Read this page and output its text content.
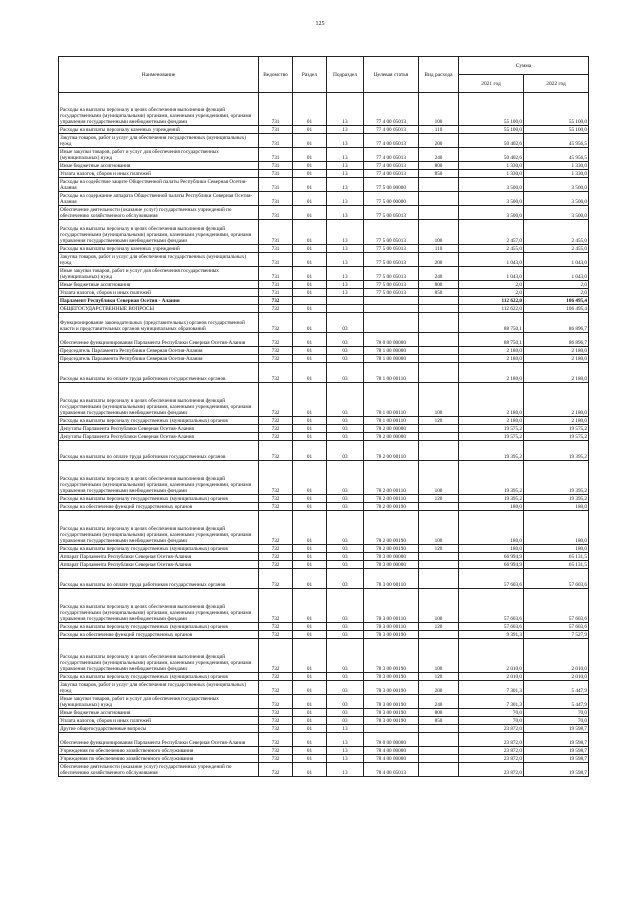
125
Наименование	Ведомство	Раздел	Подраздел	Целевая статья	Вид расхода	Сумма	
						2021 год	2022 год
Расходы на выплаты персоналу в целях обеспечения выполнения функций государственными (муниципальными) органами, казенными учреждениями, органами управления государственными внебюджетными фондами	731	01	13	77 4 00 05013	100	55 100,0	55 100,0
Расходы на выплаты персоналу казенных учреждений	731	01	13	77 4 00 05013	110	55 100,0	55 100,0
Закупка товаров, работ и услуг для обеспечения государственных (муниципальных) нужд	731	01	13	77 4 00 05013	200	50 402,6	45 956,5
Иные закупки товаров, работ и услуг для обеспечения государственных (муниципальных) нужд	731	01	13	77 4 00 05013	240	50 402,6	45 956,5
Иные бюджетные ассигнования	731	01	13	77 4 00 05013	800	1 330,0	1 330,0
Уплата налогов, сборов и иных платежей	731	01	13	77 4 00 05013	850	1 330,0	1 330,0
Расходы на содействие защите Общественной палаты Республики Северная Осетия-Алания	731	01	13	77 5 00 00000		3 500,0	3 500,0
Расходы на содержание аппарата Общественной палаты Республики Северная Осетия-Алания	731	01	13	77 5 00 00000		3 500,0	3 500,0
Обеспечение деятельности (оказание услуг) государственных учреждений по обеспечению хозяйственного обслуживания	731	01	13	77 5 00 05013		3 500,0	3 500,0
Расходы на выплаты персоналу в целях обеспечения выполнения функций государственными (муниципальными) органами, казенными учреждениями, органами управления государственными внебюджетными фондами	731	01	13	77 5 00 05013	100	2 457,0	2 455,0
Расходы на выплаты персоналу казенных учреждений	731	01	13	77 5 00 05013	110	2 455,0	2 455,0
Закупка товаров, работ и услуг для обеспечения государственных (муниципальных) нужд	731	01	13	77 5 00 05013	200	1 043,0	1 043,0
Иные закупки товаров, работ и услуг для обеспечения государственных (муниципальных) нужд	731	01	13	77 5 00 05013	240	1 043,0	1 043,0
Иные бюджетные ассигнования	731	01	13	77 5 00 05013	800	2,0	2,0
Уплата налогов, сборов и иных платежей	731	01	13	77 5 00 05013	850	2,0	2,0
Парламент Республики Северная Осетия - Алания	732					112 622,0	106 495,4
ОБЩЕГОСУДАРСТВЕННЫЕ ВОПРОСЫ	732	01				112 622,0	106 495,4
Функционирование законодательных (представительных) органов государственной власти и представительных органов муниципальных образований	732	01	03			88 750,1	86 896,7
Обеспечение функционирования Парламента Республики Северная Осетия-Алания	732	01	03	78 0 00 00000		88 750,1	86 896,7
Председатель Парламента Республики Северная Осетия-Алания	732	01	03	78 1 00 00000		2 180,0	2 180,0
Председатель Парламента Республики Северная Осетия-Алания	732	01	03	78 1 00 00000		2 180,0	2 180,0
Расходы на выплаты по оплате труда работников государственных органов	732	01	03	78 1 00 00110		2 180,0	2 180,0
Расходы на выплаты персоналу в целях обеспечения выполнения функций государственными (муниципальными) органами, казенными учреждениями, органами управления государственными внебюджетными фондами	732	01	03	78 1 00 00110	100	2 180,0	2 180,0
Расходы на выплаты персоналу государственных (муниципальных) органов	732	01	03	78 1 00 00110	120	2 180,0	2 180,0
Депутаты Парламента Республики Северная Осетия-Алания	732	01	03	78 2 00 00000		19 575,2	19 575,2
Депутаты Парламента Республики Северная Осетия-Алания	732	01	03	78 2 00 00000		19 575,2	19 575,2
Расходы на выплаты по оплате труда работников государственных органов	732	01	03	78 2 00 00110		19 395,2	19 395,2
Расходы на выплаты персоналу в целях обеспечения выполнения функций государственными (муниципальными) органами, казенными учреждениями, органами управления государственными внебюджетными фондами	732	01	03	78 2 00 00110	100	19 395,2	19 395,2
Расходы на выплаты персоналу государственных (муниципальных) органов	732	01	03	78 2 00 00110	120	19 395,2	19 395,2
Расходы на обеспечение функций государственных органов	732	01	03	78 2 00 00190		180,0	180,0
Расходы на выплаты персоналу в целях обеспечения выполнения функций государственными (муниципальными) органами, казенными учреждениями, органами управления государственными внебюджетными фондами	732	01	03	78 2 00 00190	100	180,0	180,0
Расходы на выплаты персоналу государственных (муниципальных) органов	732	01	03	78 2 00 00190	120	180,0	180,0
Аппарат Парламента Республики Северная Осетия-Алания	732	01	03	78 3 00 00000		66 994,9	65 131,5
Аппарат Парламента Республики Северная Осетия-Алания	732	01	03	78 3 00 00000		66 994,9	65 131,5
Расходы на выплаты по оплате труда работников государственных органов	732	01	03	78 3 00 00110		57 603,6	57 603,6
Расходы на выплаты персоналу в целях обеспечения выполнения функций государственными (муниципальными) органами, казенными учреждениями, органами управления государственными внебюджетными фондами	732	01	03	78 3 00 00110	100	57 603,6	57 603,6
Расходы на выплаты персоналу государственных (муниципальных) органов	732	01	03	78 3 00 00110	120	57 603,6	57 603,6
Расходы на обеспечение функций государственных органов	732	01	03	78 3 00 00190		9 391,3	7 527,9
Расходы на выплаты персоналу в целях обеспечения выполнения функций государственными (муниципальными) органами, казенными учреждениями, органами управления государственными внебюджетными фондами	732	01	03	78 3 00 00190	100	2 010,0	2 010,0
Расходы на выплаты персоналу государственных (муниципальных) органов	732	01	03	78 3 00 00190	120	2 010,0	2 010,0
Закупка товаров, работ и услуг для обеспечения государственных (муниципальных) нужд	732	01	03	78 3 00 00190	200	7 301,3	5 447,9
Иные закупки товаров, работ и услуг для обеспечения государственных (муниципальных) нужд	732	01	03	78 3 00 00190	240	7 301,3	5 447,9
Иные бюджетные ассигнования	732	01	03	78 3 00 00190	800	70,0	70,0
Уплата налогов, сборов и иных платежей	732	01	03	78 3 00 00190	850	70,0	70,0
Другие общегосударственные вопросы	732	01	13			23 872,0	19 598,7
Обеспечение функционирования Парламента Республики Северная Осетия-Алания	732	01	13	78 0 00 00000		23 872,0	19 598,7
Учреждения по обеспечению хозяйственного обслуживания	732	01	13	78 4 00 00000		23 872,0	19 598,7
Учреждения по обеспечению хозяйственного обслуживания	732	01	13	78 4 00 00000		23 872,0	19 598,7
Обеспечение деятельности (оказание услуг) государственных учреждений по обеспечению хозяйственного обслуживания	732	01	13	78 4 00 05013		23 872,0	19 598,7
